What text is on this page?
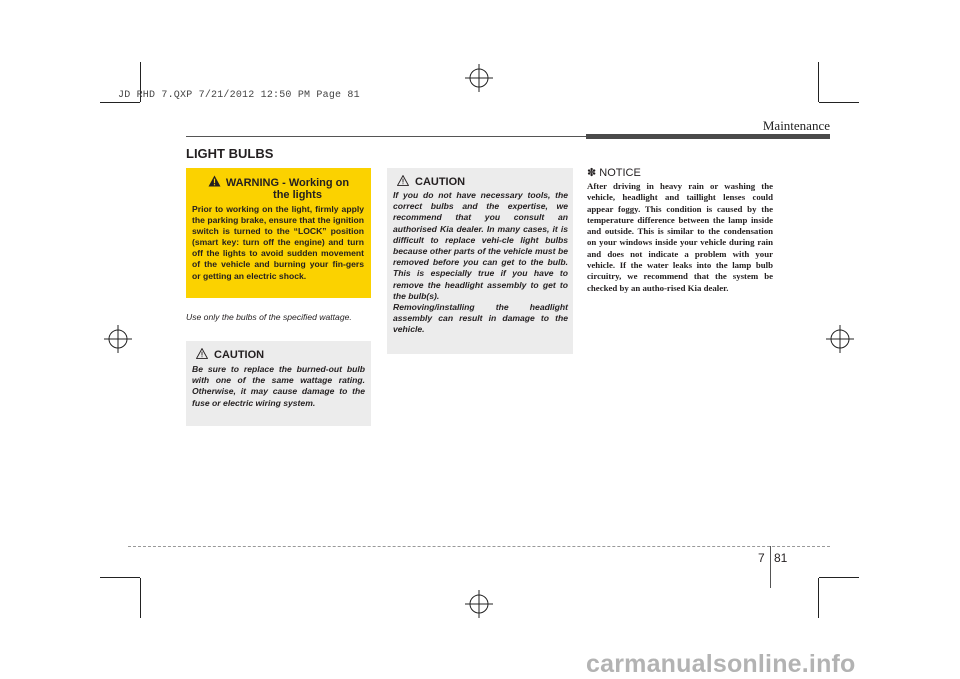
JD RHD 7.QXP 7/21/2012 12:50 PM Page 81
Maintenance
LIGHT BULBS
WARNING - Working on
the lights
Prior to working on the light, firmly apply the parking brake, ensure that the ignition switch is turned to the “LOCK” position (smart key: turn off the engine) and turn off the lights to avoid sudden movement of the vehicle and burning your fin-gers or getting an electric shock.
Use only the bulbs of the specified wattage.
CAUTION
Be sure to replace the burned-out bulb with one of the same wattage rating. Otherwise, it may cause damage to the fuse or electric wiring system.
CAUTION

If you do not have necessary tools, the correct bulbs and the expertise, we recommend that you consult an authorised Kia dealer. In many cases, it is difficult to replace vehi-cle light bulbs because other parts of the vehicle must be removed before you can get to the bulb. This is especially true if you have to remove the headlight assembly to get to the bulb(s).

Removing/installing the headlight assembly can result in damage to the vehicle.

✽ NOTICE
After driving in heavy rain or washing the vehicle, headlight and taillight lenses could appear foggy. This condition is caused by the temperature difference between the lamp inside and outside. This is similar to the condensation on your windows inside your vehicle during rain and does not indicate a problem with your vehicle. If the water leaks into the lamp bulb circuitry, we recommend that the system be checked by an autho-rised Kia dealer.
7 81
carmanualsonline.info
